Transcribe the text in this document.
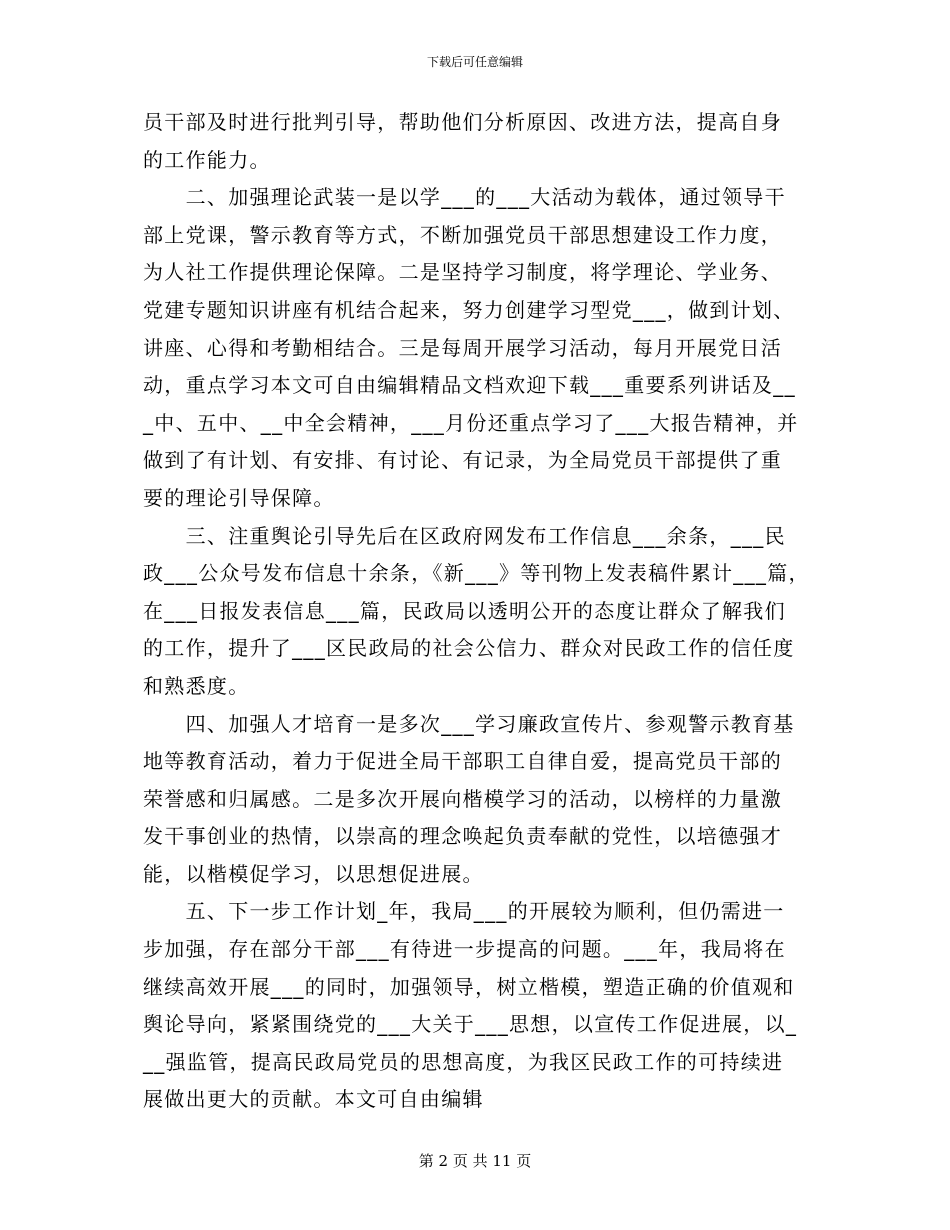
下载后可任意编辑
员干部及时进行批判引导，帮助他们分析原因、改进方法，提高自身
的工作能力。
　　二、加强理论武装一是以学___的___大活动为载体，通过领导干
部上党课，警示教育等方式，不断加强党员干部思想建设工作力度，
为人社工作提供理论保障。二是坚持学习制度，将学理论、学业务、
党建专题知识讲座有机结合起来，努力创建学习型党___，做到计划、
讲座、心得和考勤相结合。三是每周开展学习活动，每月开展党日活
动，重点学习本文可自由编辑精品文档欢迎下载___重要系列讲话及__
_中、五中、__中全会精神，___月份还重点学习了___大报告精神，并
做到了有计划、有安排、有讨论、有记录，为全局党员干部提供了重
要的理论引导保障。
　　三、注重舆论引导先后在区政府网发布工作信息___余条，___民
政___公众号发布信息十余条，《新___》等刊物上发表稿件累计___篇，
在___日报发表信息___篇，民政局以透明公开的态度让群众了解我们
的工作，提升了___区民政局的社会公信力、群众对民政工作的信任度
和熟悉度。
　　四、加强人才培育一是多次___学习廉政宣传片、参观警示教育基
地等教育活动，着力于促进全局干部职工自律自爱，提高党员干部的
荣誉感和归属感。二是多次开展向楷模学习的活动，以榜样的力量激
发干事创业的热情，以崇高的理念唤起负责奉献的党性，以培德强才
能，以楷模促学习，以思想促进展。
　　五、下一步工作计划_年，我局___的开展较为顺利，但仍需进一
步加强，存在部分干部___有待进一步提高的问题。___年，我局将在
继续高效开展___的同时，加强领导，树立楷模，塑造正确的价值观和
舆论导向，紧紧围绕党的___大关于___思想，以宣传工作促进展，以_
__强监管，提高民政局党员的思想高度，为我区民政工作的可持续进
展做出更大的贡献。本文可自由编辑
第 2 页 共 11 页
